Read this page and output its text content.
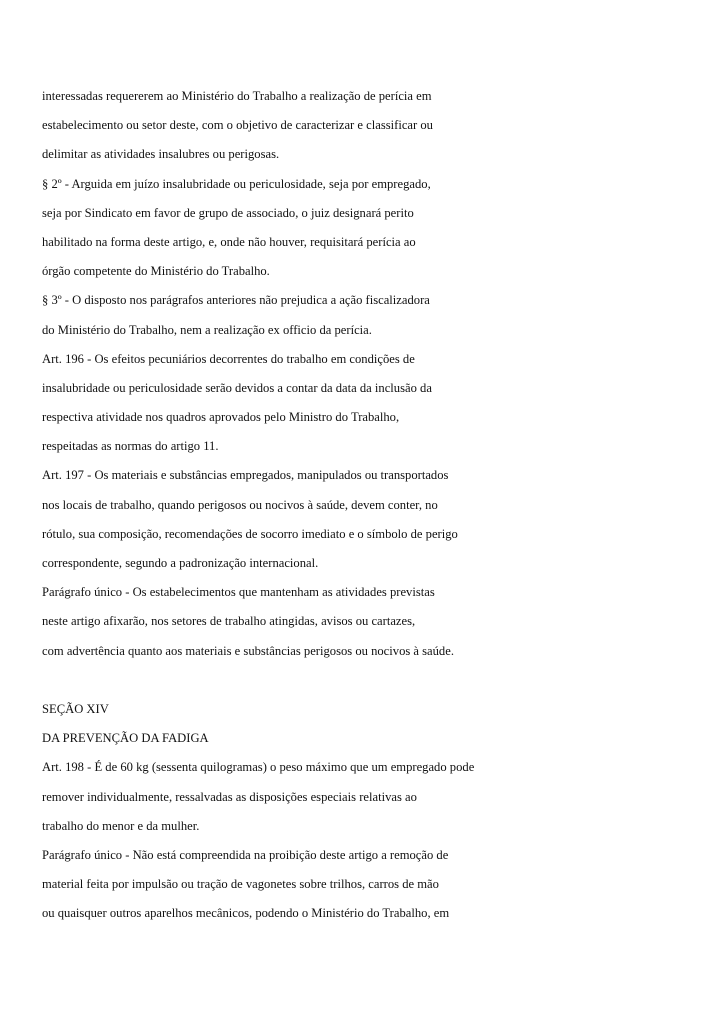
interessadas requererem ao Ministério do Trabalho a realização de perícia em
estabelecimento ou setor deste, com o objetivo de caracterizar e classificar ou
delimitar as atividades insalubres ou perigosas.
§ 2º - Arguida em juízo insalubridade ou periculosidade, seja por empregado,
seja por Sindicato em favor de grupo de associado, o juiz designará perito
habilitado na forma deste artigo, e, onde não houver, requisitará perícia ao
órgão competente do Ministério do Trabalho.
§ 3º - O disposto nos parágrafos anteriores não prejudica a ação fiscalizadora
do Ministério do Trabalho, nem a realização ex officio da perícia.
Art. 196 - Os efeitos pecuniários decorrentes do trabalho em condições de
insalubridade ou periculosidade serão devidos a contar da data da inclusão da
respectiva atividade nos quadros aprovados pelo Ministro do Trabalho,
respeitadas as normas do artigo 11.
Art. 197 - Os materiais e substâncias empregados, manipulados ou transportados
nos locais de trabalho, quando perigosos ou nocivos à saúde, devem conter, no
rótulo, sua composição, recomendações de socorro imediato e o símbolo de perigo
correspondente, segundo a padronização internacional.
Parágrafo único - Os estabelecimentos que mantenham as atividades previstas
neste artigo afixarão, nos setores de trabalho atingidas, avisos ou cartazes,
com advertência quanto aos materiais e substâncias perigosos ou nocivos à saúde.
SEÇÃO XIV
DA PREVENÇÃO DA FADIGA
Art. 198 - É de 60 kg (sessenta quilogramas) o peso máximo que um empregado pode
remover individualmente, ressalvadas as disposições especiais relativas ao
trabalho do menor e da mulher.
Parágrafo único - Não está compreendida na proibição deste artigo a remoção de
material feita por impulsão ou tração de vagonetes sobre trilhos, carros de mão
ou quaisquer outros aparelhos mecânicos, podendo o Ministério do Trabalho, em
